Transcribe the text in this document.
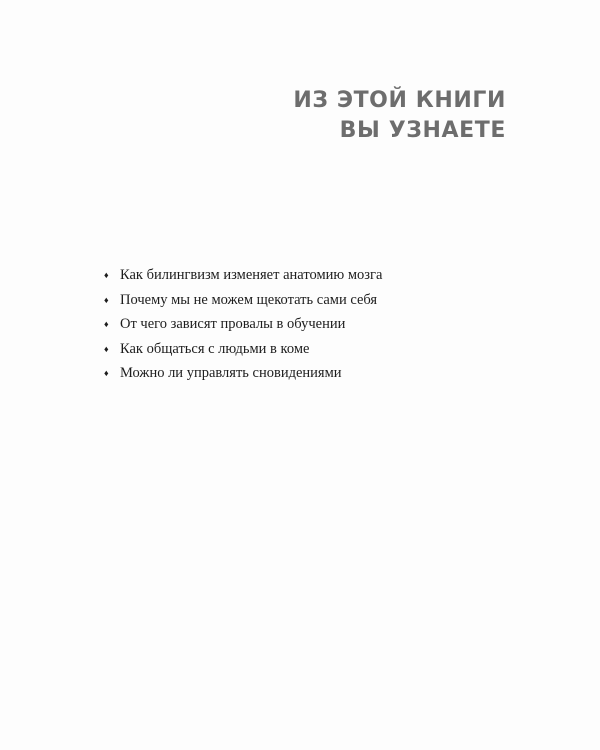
ИЗ ЭТОЙ КНИГИ
ВЫ УЗНАЕТЕ
♦ Как билингвизм изменяет анатомию мозга
♦ Почему мы не можем щекотать сами себя
♦ От чего зависят провалы в обучении
♦ Как общаться с людьми в коме
♦ Можно ли управлять сновидениями
